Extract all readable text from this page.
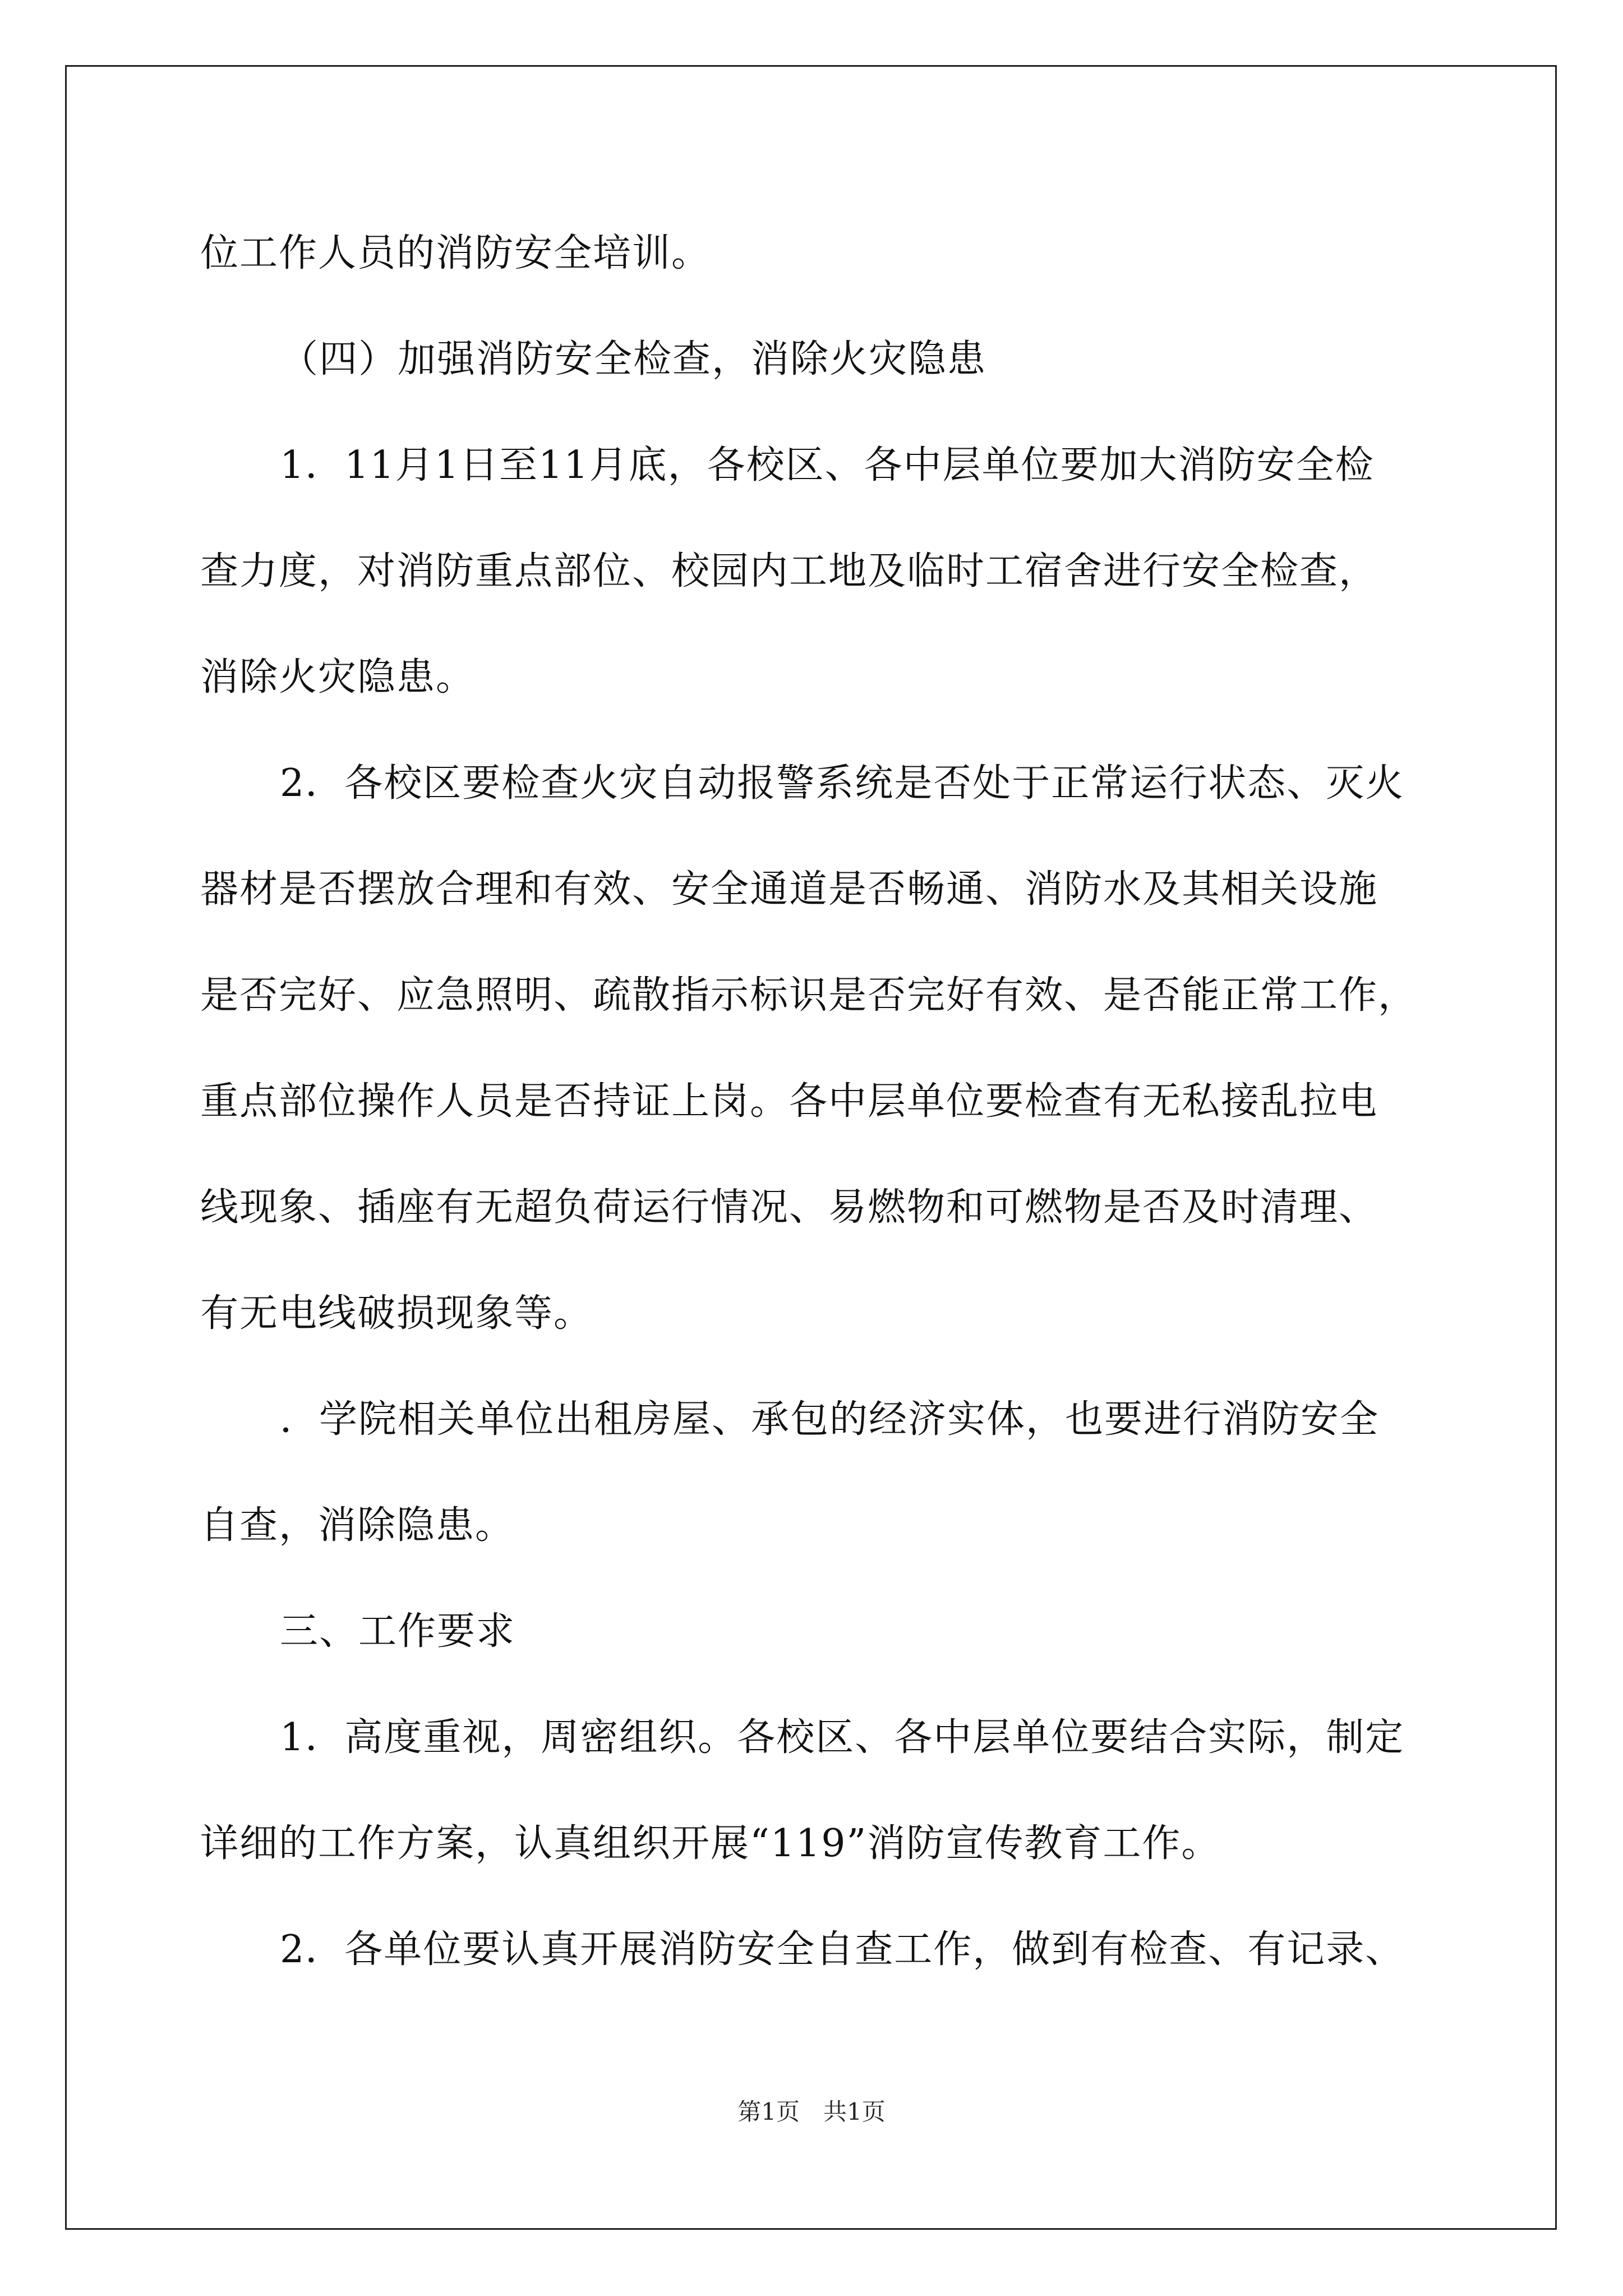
位工作人员的消防安全培训。
（四）加强消防安全检查，消除火灾隐患
1．11月1日至11月底，各校区、各中层单位要加大消防安全检
查力度，对消防重点部位、校园内工地及临时工宿舍进行安全检查，
消除火灾隐患。
2．各校区要检查火灾自动报警系统是否处于正常运行状态、灭火
器材是否摆放合理和有效、安全通道是否畅通、消防水及其相关设施
是否完好、应急照明、疏散指示标识是否完好有效、是否能正常工作，
重点部位操作人员是否持证上岗。各中层单位要检查有无私接乱拉电
线现象、插座有无超负荷运行情况、易燃物和可燃物是否及时清理、
有无电线破损现象等。
．学院相关单位出租房屋、承包的经济实体，也要进行消防安全
自查，消除隐患。
三、工作要求
1．高度重视，周密组织。各校区、各中层单位要结合实际，制定
详细的工作方案，认真组织开展“119”消防宣传教育工作。
2．各单位要认真开展消防安全自查工作，做到有检查、有记录、
第1页　共1页
